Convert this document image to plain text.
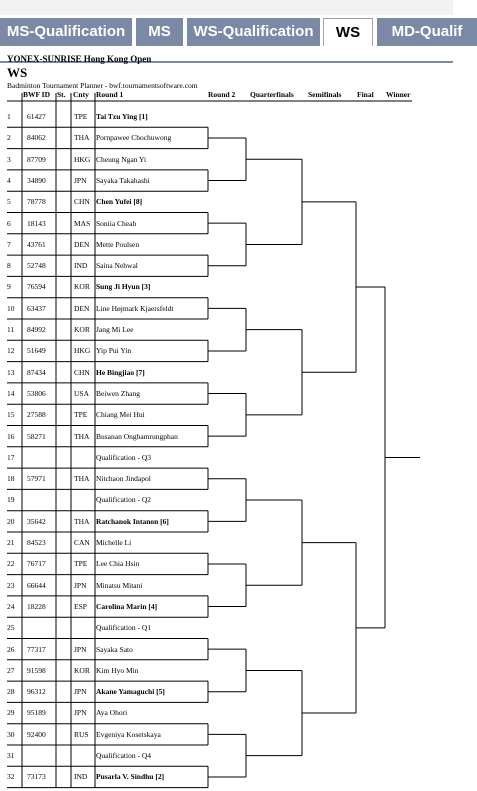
MS-Qualification	MS	WS-Qualification	WS	MD-Qualif
YONEX-SUNRISE Hong Kong Open
WS
Badminton Tournament Planner - bwf.tournamentsoftware.com
BWF ID St. Cnty Round 1	Round 2 Quarterfinals Semifinals Final Winner
1	61427	TPE	Tai Tzu Ying [1]
2	84062	THA Pornpawee Chochuwong
3	87709	HKG Cheung Ngan Yi
4	34890	JPN	Sayaka Takahashi
5	78778	CHN Chen Yufei [8]
6	18143	MAS Soniia Cheah
7	43761	DEN Mette Poulsen
8	52748	IND	Saina Nehwal
9	76594	KOR Sung Ji Hyun [3]
10	63437	DEN Line Højmark Kjaersfeldt
11	84992	KOR Jang Mi Lee
12	51649	HKG Yip Pui Yin
13	87434	CHN He Bingjiao [7]
14	53806	USA Beiwen Zhang
15	27588	TPE	Chiang Mei Hui
16	58271	THA Busanan Ongbamrungphan
17	Qualification - Q3
18	57971	THA Nitchaon Jindapol
19	Qualification - Q2
20	35642	THA Ratchanok Intanon [6]
21	84523	CAN Michelle Li
22	76717	TPE	Lee Chia Hsin
23	66644	JPN	Minatsu Mitani
24	18228	ESP	Carolina Marin [4]
25	Qualification - Q1
26	77317	JPN	Sayaka Sato
27	91598	KOR Kim Hyo Min
28	96312	JPN	Akane Yamaguchi [5]
29	95189	JPN	Aya Ohori
30	92400	RUS Evgeniya Kosetskaya
31	Qualification - Q4
32	73173	IND	Pusarla V. Sindhu [2]
